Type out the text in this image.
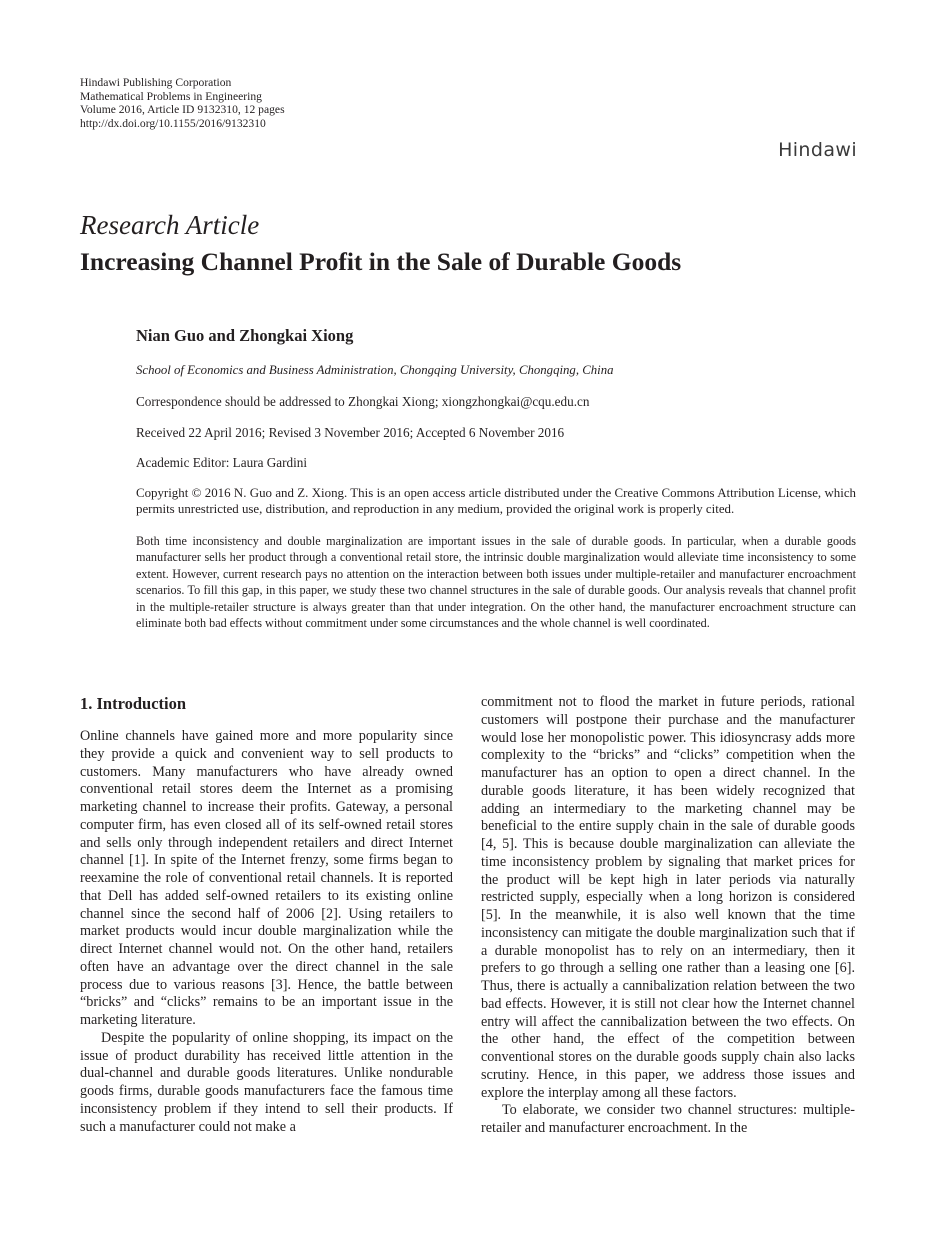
Hindawi Publishing Corporation
Mathematical Problems in Engineering
Volume 2016, Article ID 9132310, 12 pages
http://dx.doi.org/10.1155/2016/9132310
Hindawi
Research Article
Increasing Channel Profit in the Sale of Durable Goods
Nian Guo and Zhongkai Xiong
School of Economics and Business Administration, Chongqing University, Chongqing, China
Correspondence should be addressed to Zhongkai Xiong; xiongzhongkai@cqu.edu.cn
Received 22 April 2016; Revised 3 November 2016; Accepted 6 November 2016
Academic Editor: Laura Gardini
Copyright © 2016 N. Guo and Z. Xiong. This is an open access article distributed under the Creative Commons Attribution License, which permits unrestricted use, distribution, and reproduction in any medium, provided the original work is properly cited.
Both time inconsistency and double marginalization are important issues in the sale of durable goods. In particular, when a durable goods manufacturer sells her product through a conventional retail store, the intrinsic double marginalization would alleviate time inconsistency to some extent. However, current research pays no attention on the interaction between both issues under multiple-retailer and manufacturer encroachment scenarios. To fill this gap, in this paper, we study these two channel structures in the sale of durable goods. Our analysis reveals that channel profit in the multiple-retailer structure is always greater than that under integration. On the other hand, the manufacturer encroachment structure can eliminate both bad effects without commitment under some circumstances and the whole channel is well coordinated.
1. Introduction

Online channels have gained more and more popularity since they provide a quick and convenient way to sell products to customers. Many manufacturers who have already owned conventional retail stores deem the Internet as a promising marketing channel to increase their profits. Gateway, a personal computer firm, has even closed all of its self-owned retail stores and sells only through independent retailers and direct Internet channel [1]. In spite of the Internet frenzy, some firms began to reexamine the role of conventional retail channels. It is reported that Dell has added self-owned retailers to its existing online channel since the second half of 2006 [2]. Using retailers to market products would incur double marginalization while the direct Internet channel would not. On the other hand, retailers often have an advantage over the direct channel in the sale process due to various reasons [3]. Hence, the battle between “bricks” and “clicks” remains to be an important issue in the marketing literature.

Despite the popularity of online shopping, its impact on the issue of product durability has received little attention in the dual-channel and durable goods literatures. Unlike nondurable goods firms, durable goods manufacturers face the famous time inconsistency problem if they intend to sell their products. If such a manufacturer could not make a

commitment not to flood the market in future periods, rational customers will postpone their purchase and the manufacturer would lose her monopolistic power. This idiosyncrasy adds more complexity to the “bricks” and “clicks” competition when the manufacturer has an option to open a direct channel. In the durable goods literature, it has been widely recognized that adding an intermediary to the marketing channel may be beneficial to the entire supply chain in the sale of durable goods [4, 5]. This is because double marginalization can alleviate the time inconsistency problem by signaling that market prices for the product will be kept high in later periods via naturally restricted supply, especially when a long horizon is considered [5]. In the meanwhile, it is also well known that the time inconsistency can mitigate the double marginalization such that if a durable monopolist has to rely on an intermediary, then it prefers to go through a selling one rather than a leasing one [6]. Thus, there is actually a cannibalization relation between the two bad effects. However, it is still not clear how the Internet channel entry will affect the cannibalization between the two effects. On the other hand, the effect of the competition between conventional stores on the durable goods supply chain also lacks scrutiny. Hence, in this paper, we address those issues and explore the interplay among all these factors.

To elaborate, we consider two channel structures: multiple-retailer and manufacturer encroachment. In the
